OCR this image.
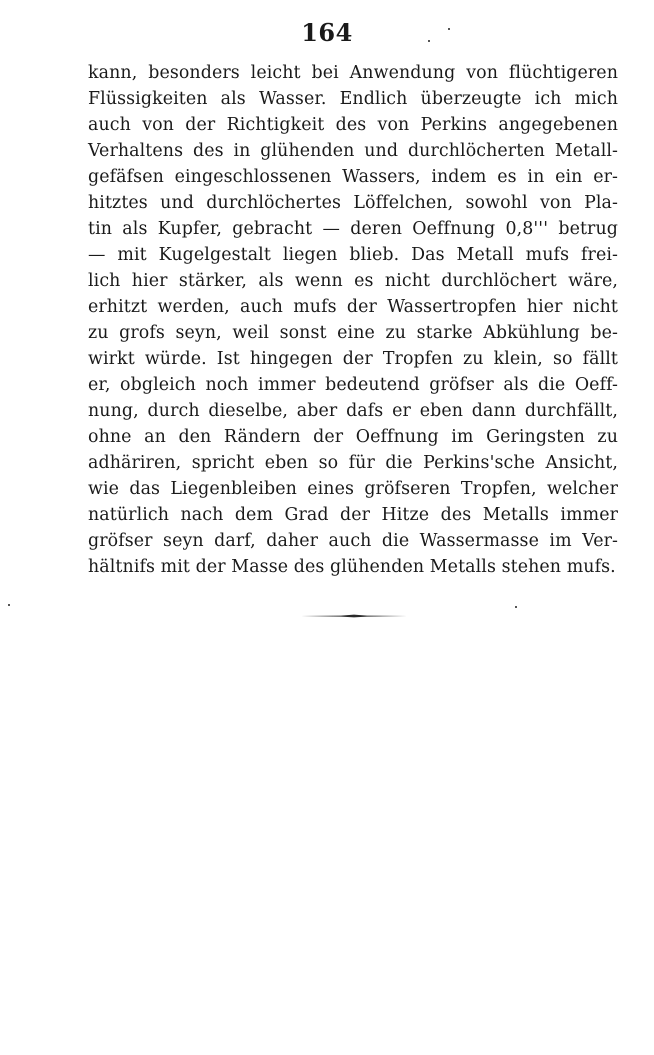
164
kann, besonders leicht bei Anwendung von flüchtigeren
Flüssigkeiten als Wasser. Endlich überzeugte ich mich
auch von der Richtigkeit des von Perkins angegebenen
Verhaltens des in glühenden und durchlöcherten Metall-
gefäfsen eingeschlossenen Wassers, indem es in ein er-
hitztes und durchlöchertes Löffelchen, sowohl von Pla-
tin als Kupfer, gebracht — deren Oeffnung 0,8''' betrug
— mit Kugelgestalt liegen blieb. Das Metall mufs frei-
lich hier stärker, als wenn es nicht durchlöchert wäre,
erhitzt werden, auch mufs der Wassertropfen hier nicht
zu grofs seyn, weil sonst eine zu starke Abkühlung be-
wirkt würde. Ist hingegen der Tropfen zu klein, so fällt
er, obgleich noch immer bedeutend gröfser als die Oeff-
nung, durch dieselbe, aber dafs er eben dann durchfällt,
ohne an den Rändern der Oeffnung im Geringsten zu
adhäriren, spricht eben so für die Perkins'sche Ansicht,
wie das Liegenbleiben eines gröfseren Tropfen, welcher
natürlich nach dem Grad der Hitze des Metalls immer
gröfser seyn darf, daher auch die Wassermasse im Ver-
hältnifs mit der Masse des glühenden Metalls stehen mufs.
